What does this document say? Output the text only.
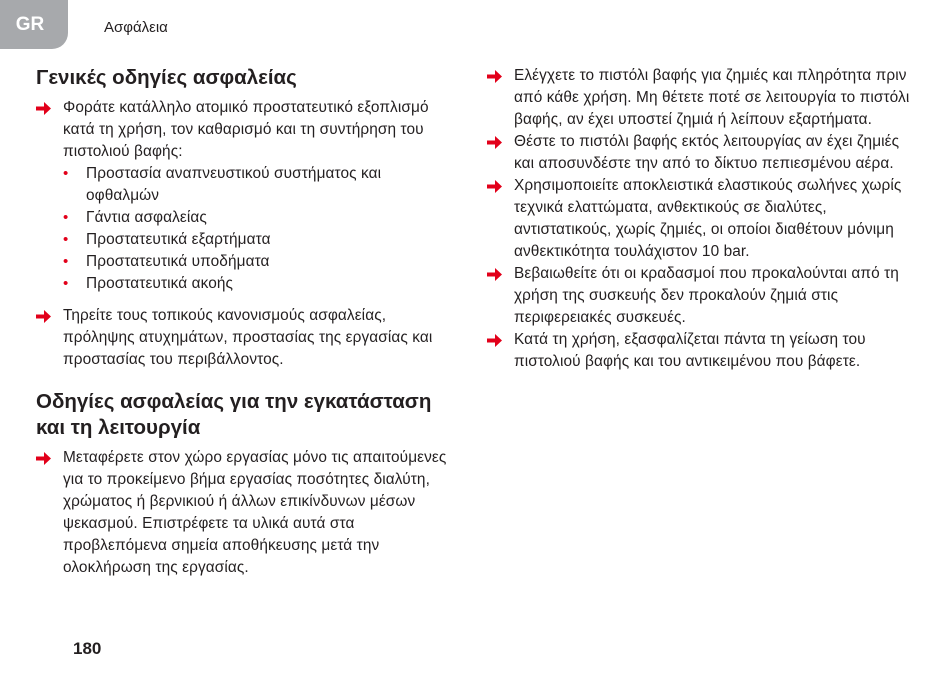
GR	Ασφάλεια
Γενικές οδηγίες ασφαλείας
Φοράτε κατάλληλο ατομικό προστατευτικό εξοπλισμό κατά τη χρήση, τον καθαρισμό και τη συντήρηση του πιστολιού βαφής:
• Προστασία αναπνευστικού συστήματος και οφθαλμών
• Γάντια ασφαλείας
• Προστατευτικά εξαρτήματα
• Προστατευτικά υποδήματα
• Προστατευτικά ακοής
Τηρείτε τους τοπικούς κανονισμούς ασφαλείας, πρόληψης ατυχημάτων, προστασίας της εργασίας και προστασίας του περιβάλλοντος.
Οδηγίες ασφαλείας για την εγκατάσταση και τη λειτουργία
Μεταφέρετε στον χώρο εργασίας μόνο τις απαιτούμενες για το προκείμενο βήμα εργασίας ποσότητες διαλύτη, χρώματος ή βερνικιού ή άλλων επικίνδυνων μέσων ψεκασμού. Επιστρέφετε τα υλικά αυτά στα προβλεπόμενα σημεία αποθήκευσης μετά την ολοκλήρωση της εργασίας.
Ελέγχετε το πιστόλι βαφής για ζημιές και πληρότητα πριν από κάθε χρήση. Μη θέτετε ποτέ σε λειτουργία το πιστόλι βαφής, αν έχει υποστεί ζημιά ή λείπουν εξαρτήματα.
Θέστε το πιστόλι βαφής εκτός λειτουργίας αν έχει ζημιές και αποσυνδέστε την από το δίκτυο πεπιεσμένου αέρα.
Χρησιμοποιείτε αποκλειστικά ελαστικούς σωλήνες χωρίς τεχνικά ελαττώματα, ανθεκτικούς σε διαλύτες, αντιστατικούς, χωρίς ζημιές, οι οποίοι διαθέτουν μόνιμη ανθεκτικότητα τουλάχιστον 10 bar.
Βεβαιωθείτε ότι οι κραδασμοί που προκαλούνται από τη χρήση της συσκευής δεν προκαλούν ζημιά στις περιφερειακές συσκευές.
Κατά τη χρήση, εξασφαλίζεται πάντα τη γείωση του πιστολιού βαφής και του αντικειμένου που βάφετε.
180
